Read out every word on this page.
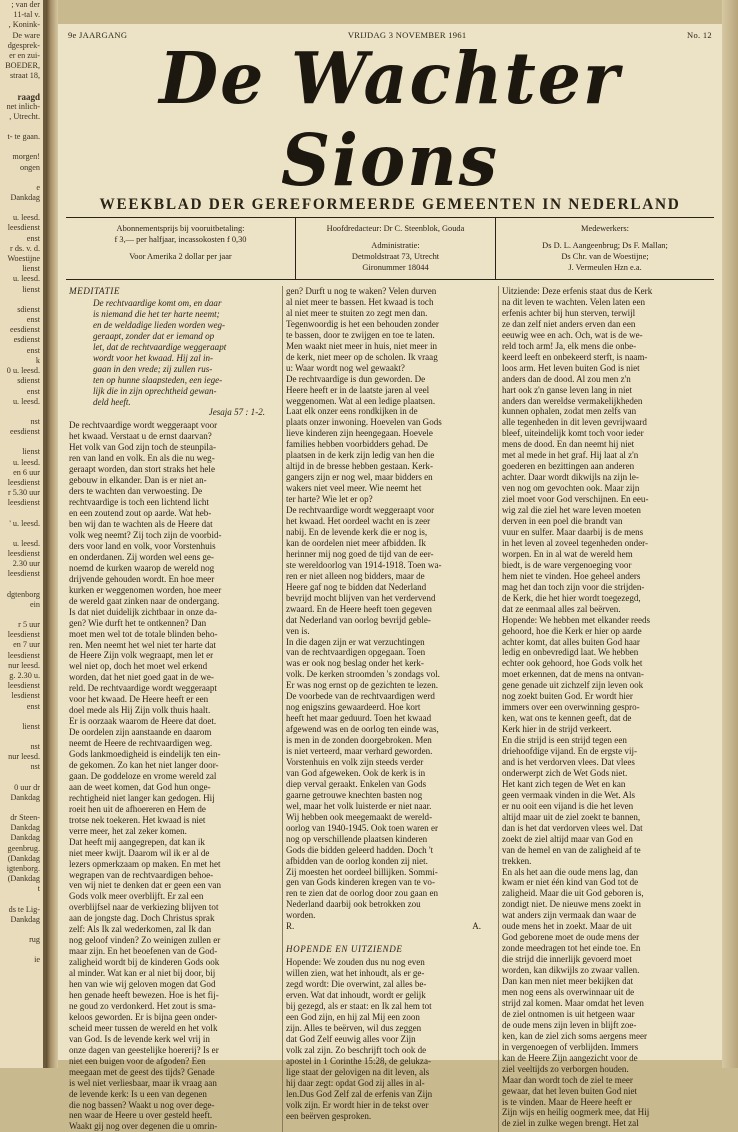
; van der
11-tal v.
, Konink-
De ware
dgesprek-
er en zui-
BOEDER,
straat 18,
raagd
net inlich-
, Utrecht.
t- te gaan.
morgen!
ongen
e
Dankdag
u. leesd.
leesdienst
enst
r ds. v. d.
Woestijne
lienst
u. leesd.
lienst
sdienst
enst
eesdienst
esdienst
enst
k
0 u. leesd.
sdienst
enst
u. leesd.
nst
eesdienst
lienst
u. leesd.
en 6 uur
leesdienst
r 5.30 uur
leesdienst
' u. leesd.
u. leesd.
leesdienst
2.30 uur
leesdienst
dgtenborg
ein
r 5 uur
leesdienst
en 7 uur
leesdienst
nur leesd.
g. 2.30 u.
leesdienst
lesdienst
enst
lienst
nst
nur leesd.
nst
0 uur dr
Dankdag
dr Steen-
Dankdag
Dankdag
geenbrug.
(Dankdag
igtenborg.
(Dankdag
t
ds te Lig-
Dankdag
rug
ie
9e JAARGANG	VRIJDAG 3 NOVEMBER 1961	No. 12
De Wachter Sions
WEEKBLAD DER GEREFORMEERDE GEMEENTEN IN NEDERLAND
Abonnementsprijs bij vooruitbetaling:
f 3,— per halfjaar, incassokosten f 0,30
Voor Amerika 2 dollar per jaar
Hoofdredacteur: Dr C. Steenblok, Gouda
Administratie:
Detmoldstraat 73, Utrecht
Gironummer 18044
Medewerkers:
Ds D. L. Aangeenbrug; Ds F. Mallan;
Ds Chr. van de Woestijne;
J. Vermeulen Hzn e.a.
MEDITATIE
De rechtvaardige komt om, en daar
is niemand die het ter harte neemt;
en de weldadige lieden worden weg-
geraapt, zonder dat er iemand op
let, dat de rechtvaardige weggeraapt
wordt voor het kwaad. Hij zal in-
gaan in den vrede; zij zullen rus-
ten op hunne slaapsteden, een iege-
lijk die in zijn oprechtheid gewan-
deld heeft.
Jesaja 57 : 1-2.
De rechtvaardige wordt weggeraapt voor
het kwaad. Verstaat u de ernst daarvan?
Het volk van God zijn toch de steunpila-
ren van land en volk. En als die nu weg-
geraapt worden, dan stort straks het hele
gebouw in elkander. Dan is er niet an-
ders te wachten dan verwoesting. De
rechtvaardige is toch een lichtend licht
en een zoutend zout op aarde. Wat heb-
ben wij dan te wachten als de Heere dat
volk weg neemt? Zij toch zijn de voorbid-
ders voor land en volk, voor Vorstenhuis
en onderdanen. Zij worden wel eens ge-
noemd de kurken waarop de wereld nog
drijvende gehouden wordt. En hoe meer
kurken er weggenomen worden, hoe meer
de wereld gaat zinken naar de ondergang.
Is dat niet duidelijk zichtbaar in onze da-
gen? Wie durft het te ontkennen? Dan
moet men wel tot de totale blinden beho-
ren. Men neemt het wel niet ter harte dat
de Heere Zijn volk wegraapt, men let er
wel niet op, doch het moet wel erkend
worden, dat het niet goed gaat in de we-
reld. De rechtvaardige wordt weggeraapt
voor het kwaad. De Heere heeft er een
doel mede als Hij Zijn volk thuis haalt.
Er is oorzaak waarom de Heere dat doet.
De oordelen zijn aanstaande en daarom
neemt de Heere de rechtvaardigen weg.
Gods lankmoedigheid is eindelijk ten ein-
de gekomen. Zo kan het niet langer door-
gaan. De goddeloze en vrome wereld zal
aan de weet komen, dat God hun onge-
rechtigheid niet langer kan gedogen. Hij
roeit hen uit de afhoereren en Hem de
trotse nek toekeren. Het kwaad is niet
verre meer, het zal zeker komen.
Dat heeft mij aangegrepen, dat kan ik
niet meer kwijt. Daarom wil ik er al de
lezers opmerkzaam op maken. En met het
wegrapen van de rechtvaardigen behoe-
ven wij niet te denken dat er geen een van
Gods volk meer overblijft. Er zal een
overblijfsel naar de verkiezing blijven tot
aan de jongste dag. Doch Christus sprak
zelf: Als Ik zal wederkomen, zal Ik dan
nog geloof vinden? Zo weinigen zullen er
maar zijn. En het beoefenen van de God-
zaligheid wordt bij de kinderen Gods ook
al minder. Wat kan er al niet bij door, bij
hen van wie wij geloven mogen dat God
hen genade heeft bewezen. Hoe is het fij-
ne goud zo verdonkerd. Het zout is sma-
keloos geworden. Er is bijna geen onder-
scheid meer tussen de wereld en het volk
van God. Is de levende kerk wel vrij in
onze dagen van geestelijke hoererij? Is er
niet een buigen voor de afgoden? Een
meegaan met de geest des tijds? Genade
is wel niet verliesbaar, maar ik vraag aan
de levende kerk: Is u een van degenen
die nog bassen? Waakt u nog over dege-
nen waar de Heere u over gesteld heeft.
Waakt gij nog over degenen die u omrin-
gen? Durft u nog te waken? Velen durven
al niet meer te bassen. Het kwaad is toch
al niet meer te stuiten zo zegt men dan.
Tegenwoordig is het een behouden zonder
te bassen, door te zwijgen en toe te laten.
Men waakt niet meer in huis, niet meer in
de kerk, niet meer op de scholen. Ik vraag
u: Waar wordt nog wel gewaakt?
De rechtvaardige is dun geworden. De
Heere heeft er in de laatste jaren al veel
weggenomen. Wat al een ledige plaatsen.
Laat elk onzer eens rondkijken in de
plaats onzer inwoning. Hoevelen van Gods
lieve kinderen zijn heengegaan. Hoevele
families hebben voorbidders gehad. De
plaatsen in de kerk zijn ledig van hen die
altijd in de bresse hebben gestaan. Kerk-
gangers zijn er nog wel, maar bidders en
wakers niet veel meer. Wie neemt het
ter harte? Wie let er op?
De rechtvaardige wordt weggeraapt voor
het kwaad. Het oordeel wacht en is zeer
nabij. En de levende kerk die er nog is,
kan de oordelen niet meer afbidden. Ik
herinner mij nog goed de tijd van de eer-
ste wereldoorlog van 1914-1918. Toen wa-
ren er niet alleen nog bidders, maar de
Heere gaf nog te bidden dat Nederland
bevrijd mocht blijven van het verdervend
zwaard. En de Heere heeft toen gegeven
dat Nederland van oorlog bevrijd geble-
ven is.
In die dagen zijn er wat verzuchtingen
van de rechtvaardigen opgegaan. Toen
was er ook nog beslag onder het kerk-
volk. De kerken stroomden 's zondags vol.
Er was nog ernst op de gezichten te lezen.
De voorbede van de rechtvaardigen werd
nog enigszins gewaardeerd. Hoe kort
heeft het maar geduurd. Toen het kwaad
afgewend was en de oorlog ten einde was,
is men in de zonden doorgebroken. Men
is niet verteerd, maar verhard geworden.
Vorstenhuis en volk zijn steeds verder
van God afgeweken. Ook de kerk is in
diep verval geraakt. Enkelen van Gods
gaarne getrouwe knechten basten nog
wel, maar het volk luisterde er niet naar.
Wij hebben ook meegemaakt de wereld-
oorlog van 1940-1945. Ook toen waren er
nog op verschillende plaatsen kinderen
Gods die bidden geleerd hadden. Doch 't
afbidden van de oorlog konden zij niet.
Zij moesten het oordeel billijken. Sommi-
gen van Gods kinderen kregen van te vo-
ren te zien dat de oorlog door zou gaan en
Nederland daarbij ook betrokken zou
worden.
R.	A.
HOPENDE EN UITZIENDE
Hopende: We zouden dus nu nog even
willen zien, wat het inhoudt, als er ge-
zegd wordt: Die overwint, zal alles be-
erven. Wat dat inhoudt, wordt er gelijk
bij gezegd, als er staat: en Ik zal hem tot
een God zijn, en hij zal Mij een zoon
zijn. Alles te beërven, wil dus zeggen
dat God Zelf eeuwig alles voor Zijn
volk zal zijn. Zo beschrijft toch ook de
apostel in 1 Corinthe 15:28, de gelukza-
lige staat der gelovigen na dit leven, als
hij daar zegt: opdat God zij alles in al-
len.Dus God Zelf zal de erfenis van Zijn
volk zijn. Er wordt hier in de tekst over
een beërven gesproken.
Uitziende: Deze erfenis staat dus de Kerk
na dit leven te wachten. Velen laten een
erfenis achter bij hun sterven, terwijl
ze dan zelf niet anders erven dan een
eeuwig wee en ach. Och, wat is de we-
reld toch arm! Ja, elk mens die onbe-
keerd leeft en onbekeerd sterft, is naam-
loos arm. Het leven buiten God is niet
anders dan de dood. Al zou men z'n
hart ook z'n ganse leven lang in niet
anders dan wereldse vermakelijkheden
kunnen ophalen, zodat men zelfs van
alle tegenheden in dit leven gevrijwaard
bleef, uiteindelijk komt toch voor ieder
mens de dood. En dan neemt hij niet
met al mede in het graf. Hij laat al z'n
goederen en bezittingen aan anderen
achter. Daar wordt dikwijls na zijn le-
ven nog om gevochten ook. Maar zijn
ziel moet voor God verschijnen. En eeu-
wig zal die ziel het ware leven moeten
derven in een poel die brandt van
vuur en sulfer. Maar daarbij is de mens
in het leven al zoveel tegenheden onder-
worpen. En in al wat de wereld hem
biedt, is de ware vergenoeging voor
hem niet te vinden. Hoe geheel anders
mag het dan toch zijn voor die strijden-
de Kerk, die het hier wordt toegezegd,
dat ze eenmaal alles zal beërven.
Hopende: We hebben met elkander reeds
gehoord, hoe die Kerk er hier op aarde
achter komt, dat alles buiten God haar
ledig en onbevredigd laat. We hebben
echter ook gehoord, hoe Gods volk het
moet erkennen, dat de mens na ontvan-
gene genade uit zichzelf zijn leven ook
nog zoekt buiten God. Er wordt hier
immers over een overwinning gespro-
ken, wat ons te kennen geeft, dat de
Kerk hier in de strijd verkeert.
En die strijd is een strijd tegen een
driehoofdige vijand. En de ergste vij-
and is het verdorven vlees. Dat vlees
onderwerpt zich de Wet Gods niet.
Het kant zich tegen de Wet en kan
geen vermaak vinden in die Wet. Als
er nu ooit een vijand is die het leven
altijd maar uit de ziel zoekt te bannen,
dan is het dat verdorven vlees wel. Dat
zoekt de ziel altijd maar van God en
van de hemel en van de zaligheid af te
trekken.
En als het aan die oude mens lag, dan
kwam er niet één kind van God tot de
zaligheid. Maar die uit God geboren is,
zondigt niet. De nieuwe mens zoekt in
wat anders zijn vermaak dan waar de
oude mens het in zoekt. Maar de uit
God geborene moet de oude mens der
zonde meedragen tot het einde toe. En
die strijd die innerlijk gevoerd moet
worden, kan dikwijls zo zwaar vallen.
Dan kan men niet meer bekijken dat
men nog eens als overwinnaar uit de
strijd zal komen. Maar omdat het leven
de ziel ontnomen is uit hetgeen waar
de oude mens zijn leven in blijft zoe-
ken, kan de ziel zich soms aergens meer
in vergenoegen of verblijden. Immers
kan de Heere Zijn aangezicht voor de
ziel veeltijds zo verborgen houden.
Maar dan wordt toch de ziel te meer
gewaar, dat het leven buiten God niet
is te vinden. Maar de Heere heeft er
Zijn wijs en heilig oogmerk mee, dat Hij
de ziel in zulke wegen brengt. Het zal
